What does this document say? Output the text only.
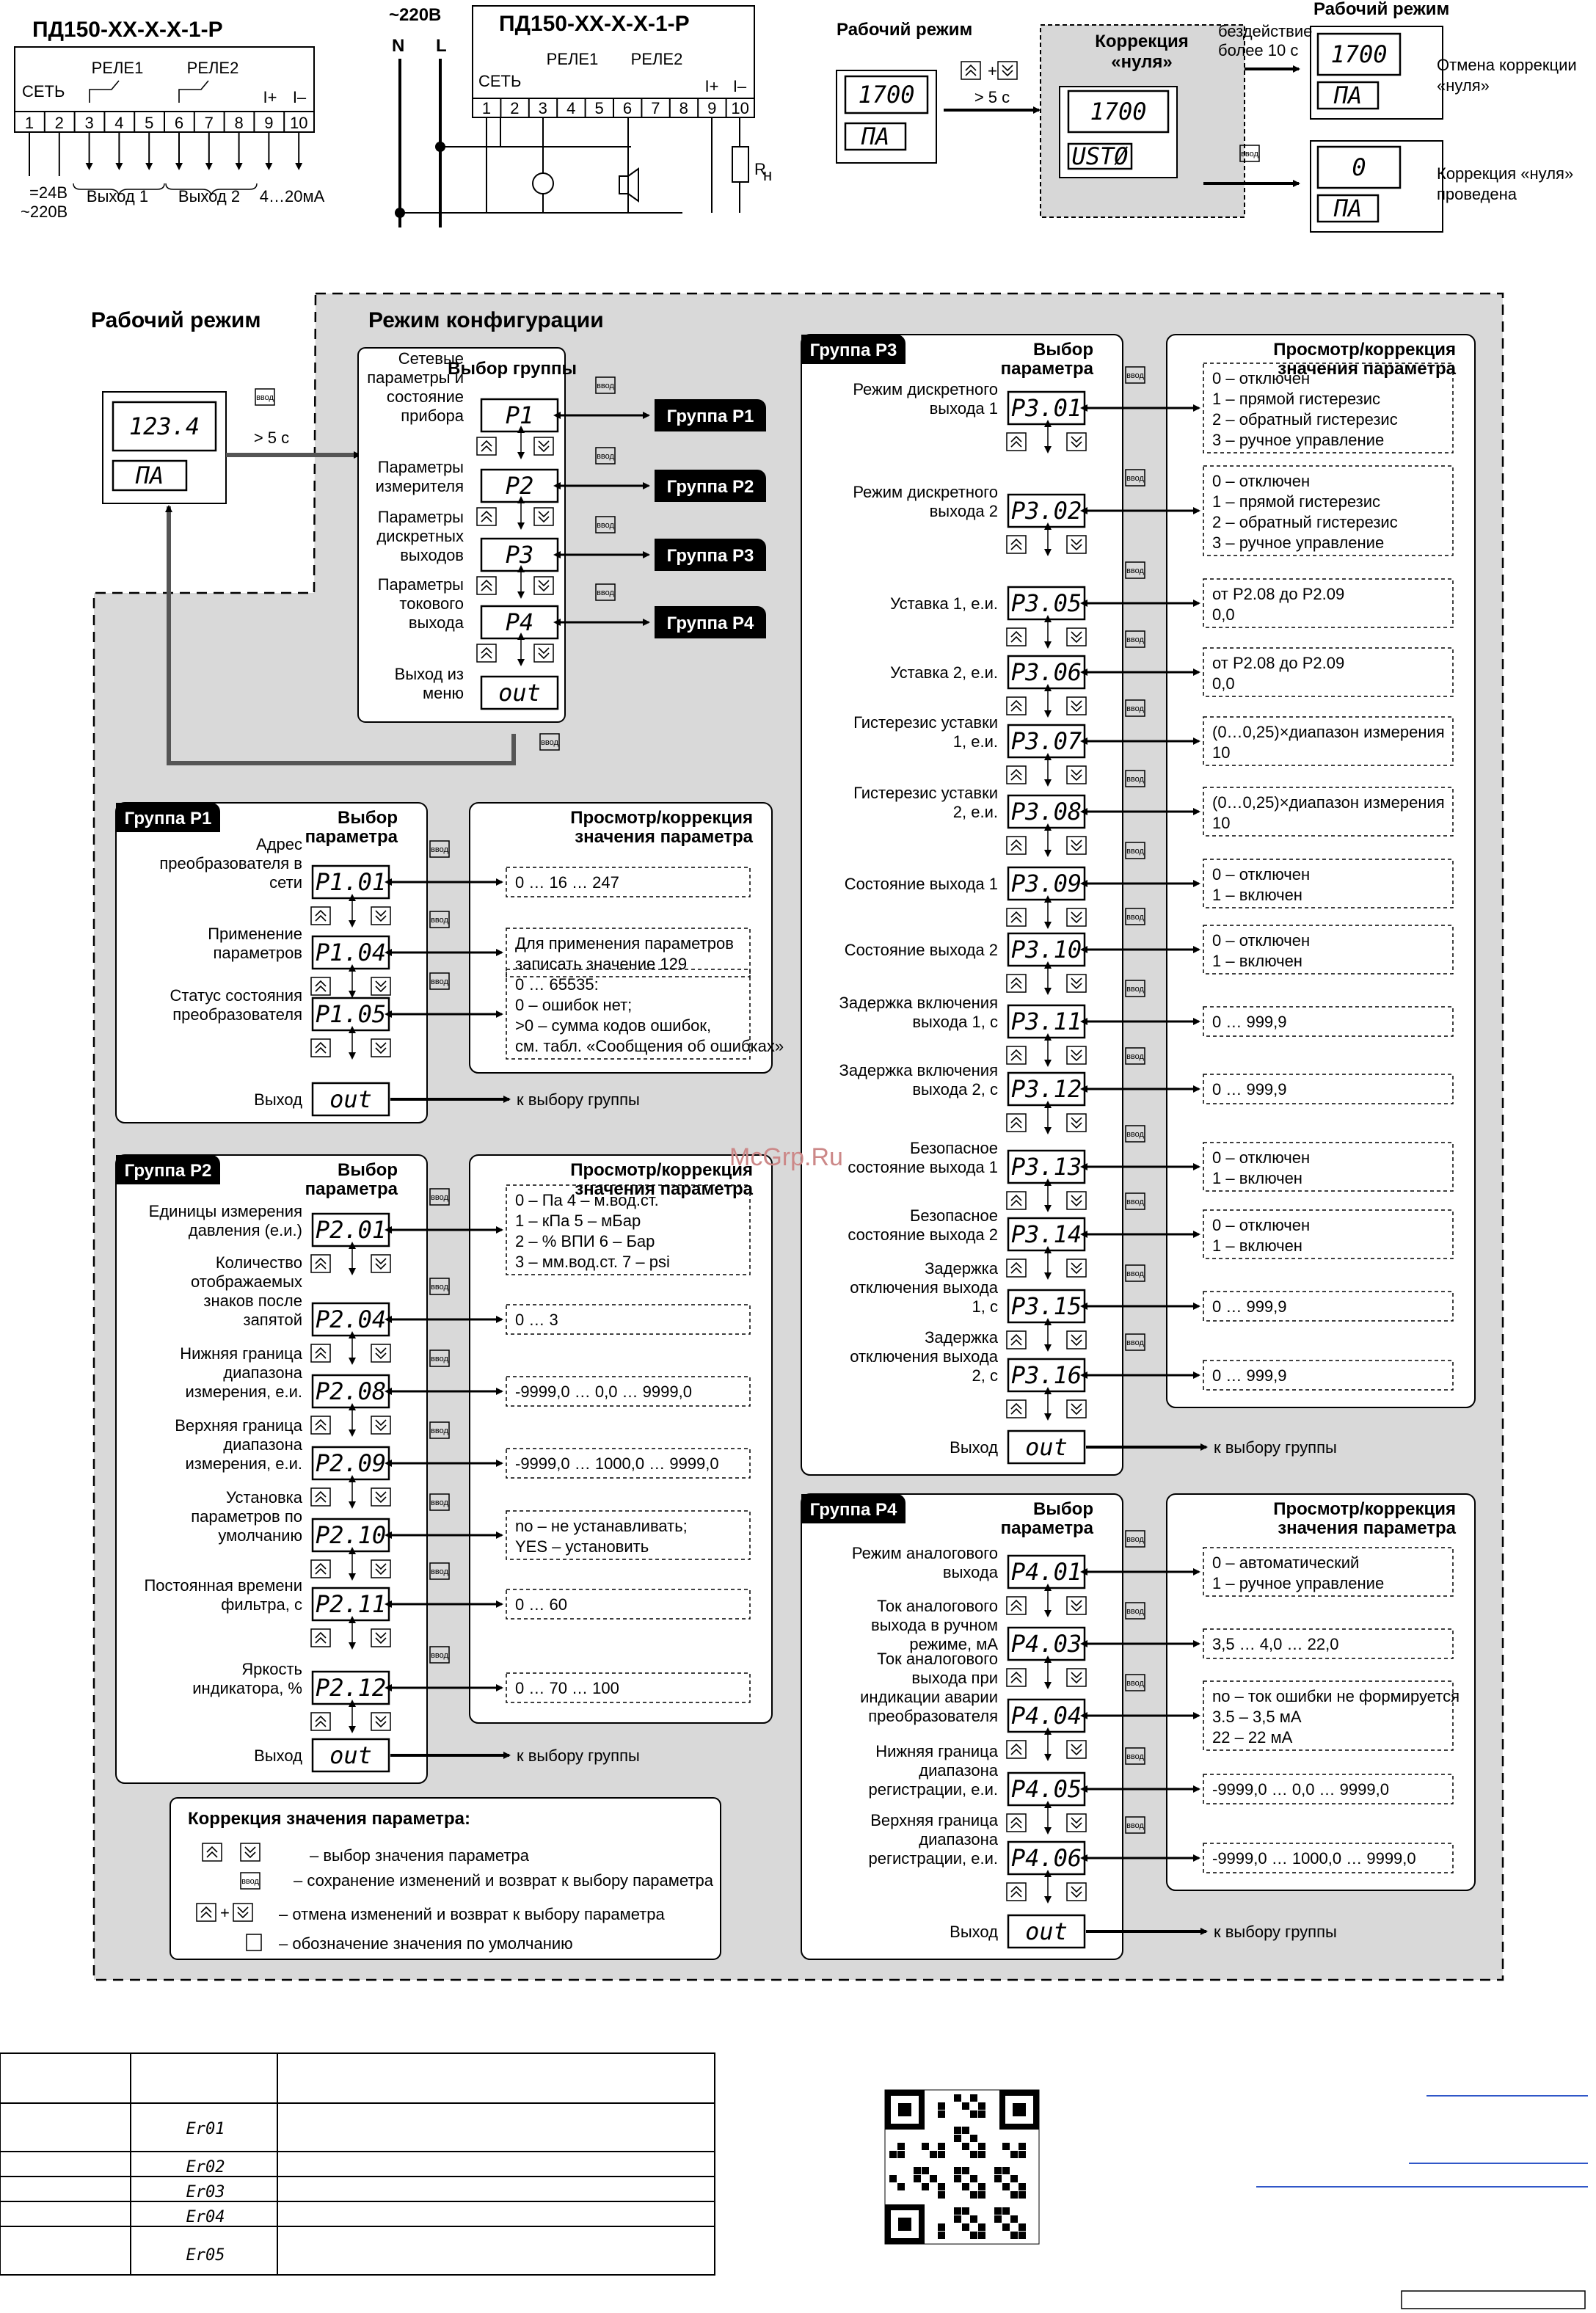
ПД150-XX-X-X-1-Р
СЕТЬ
РЕЛЕ1	РЕЛЕ2
I+ I–
1 2 3 4 5 6 7 8 9 10
=24В
~220В
Выход 1 Выход 2 4…20мА
~220В
N L
ПД150-XX-X-X-1-Р
СЕТЬ
РЕЛЕ1 РЕЛЕ2
I+ I–
1 2 3 4 5 6 7 8 9 10
R
н
Рабочий режим
1700
ПА
Коррекция
«нуля»
1700
USTØ
+
> 5 с
бездействие
более 10 с
Рабочий режим
1700
ПА
Отмена коррекции
«нуля»
ввод	0
ПА
Коррекция «нуля»
проведена
Рабочий режим	Режим конфигурации
123.4
ПА
ввод
> 5 с
Выбор группы
Сетевые
параметры и
состояние
прибора P1
ввод
Группа P1
Параметры
измерителя P2
ввод
Группа P2
Параметры
дискретных
выходов P3
ввод
Группа P3
Параметры
токового
выхода P4
ввод
Группа P4
Выход из
меню out
ввод
Группа P1	Выбор
параметра
Просмотр/коррекция
значения параметра
Адрес
преобразователя в
сети P1.01
ввод
0 … 16 … 247
Применение
параметров P1.04
ввод
Для применения параметров
записать значение 129
Статус состояния
преобразователя P1.05
ввод	0 … 65535:
0 – ошибок нет;
>0 – сумма кодов ошибок,
см. табл. «Сообщения об ошибках»
Выход out	к выбору группы
Группа P2	Выбор
параметра
Просмотр/коррекция
значения параметра
Единицы измерения
давления (е.и.) P2.01
ввод	0 – Па 4 – м.вод.ст.
1 – кПа 5 – мБар
2 – % ВПИ 6 – Бар
3 – мм.вод.ст. 7 – psi
Количество
отображаемых
знаков после
запятой P2.04
ввод
0 … 3
Нижняя граница
диапазона
измерения, е.и. P2.08
ввод
-9999,0 … 0,0 … 9999,0
Верхняя граница
диапазона
измерения, е.и. P2.09
ввод
-9999,0 … 1000,0 … 9999,0
Установка
параметров по
умолчанию P2.10
ввод
no – не устанавливать;
YES – установить
Постоянная времени
фильтра, с P2.11
ввод
0 … 60
Яркость
индикатора, % P2.12
ввод
0 … 70 … 100
Выход out	к выбору группы
Группа P3	Выбор
параметра
Просмотр/коррекция
значения параметра
Режим дискретного
выхода 1 P3.01
ввод	0 – отключен
1 – прямой гистерезис
2 – обратный гистерезис
3 – ручное управление
Режим дискретного
выхода 2 P3.02
ввод	0 – отключен
1 – прямой гистерезис
2 – обратный гистерезис
3 – ручное управление
Уставка 1, е.и. P3.05
ввод
от P2.08 до P2.09
0,0
Уставка 2, е.и. P3.06
ввод
от P2.08 до P2.09
0,0
Гистерезис уставки
1, е.и. P3.07
ввод
(0…0,25)×диапазон измерения
10
Гистерезис уставки
2, е.и. P3.08
ввод
(0…0,25)×диапазон измерения
10
Состояние выхода 1 P3.09
ввод
0 – отключен
1 – включен
Состояние выхода 2 P3.10
ввод
0 – отключен
1 – включен
Задержка включения
выхода 1, с P3.11
ввод
0 … 999,9
Задержка включения
выхода 2, с P3.12
ввод
0 … 999,9
Безопасное
состояние выхода 1 P3.13
ввод
0 – отключен
1 – включен
Безопасное
состояние выхода 2 P3.14
ввод
0 – отключен
1 – включен
Задержка
отключения выхода
1, с P3.15
ввод
0 … 999,9
Задержка
отключения выхода
2, с P3.16
ввод
0 … 999,9
Выход out	к выбору группы
Группа P4	Выбор
параметра
Просмотр/коррекция
значения параметра
Режим аналогового
выхода P4.01
ввод
0 – автоматический
1 – ручное управление
Ток аналогового
выхода в ручном
режиме, мА P4.03
ввод
3,5 … 4,0 … 22,0
Ток аналогового
выхода при
индикации аварии
преобразователя P4.04
ввод
no – ток ошибки не формируется
3.5 – 3,5 мА
22 – 22 мА
Нижняя граница
диапазона
регистрации, е.и. P4.05
ввод
-9999,0 … 0,0 … 9999,0
Верхняя граница
диапазона
регистрации, е.и. P4.06
ввод
-9999,0 … 1000,0 … 9999,0
Выход out	к выбору группы
Коррекция значения параметра:
– выбор значения параметра
ввод – сохранение изменений и возврат к выбору параметра
+	– отмена изменений и возврат к выбору параметра
– обозначение значения по умолчанию
McGrp.Ru
Er01
Er02
Er03
Er04
Er05
